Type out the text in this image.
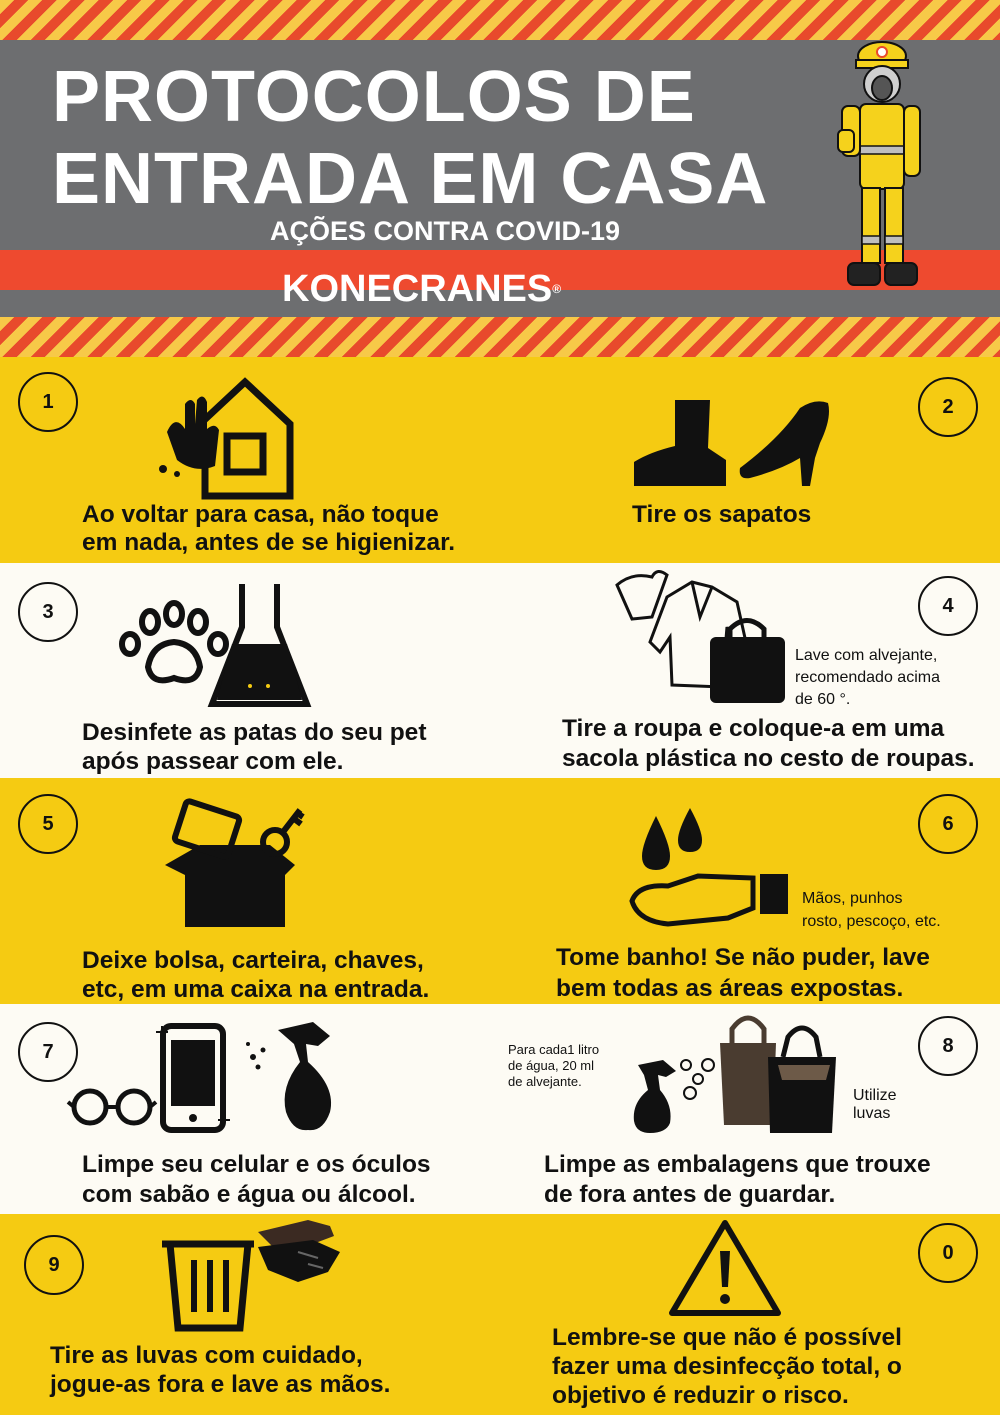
PROTOCOLOS DE
ENTRADA EM CASA
AÇÕES CONTRA COVID-19
KONECRANES®
1
Ao voltar para casa, não toque
em nada, antes de se higienizar.
2
Tire os sapatos
3
Desinfete as patas do seu pet
após passear com ele.
4
Lave com alvejante,
recomendado acima
de 60 °.
Tire a roupa e coloque-a em uma
sacola plástica no cesto de roupas.
5
Deixe bolsa, carteira, chaves,
etc, em uma caixa na entrada.
6
Mãos, punhos
rosto, pescoço, etc.
Tome banho! Se não puder, lave
bem todas as áreas expostas.
7
Limpe seu celular e os óculos
com sabão e água ou álcool.
8
Para cada1 litro
de água, 20 ml
de alvejante.
Utilize
luvas
Limpe as embalagens que trouxe
de fora antes de guardar.
9
Tire as luvas com cuidado,
jogue-as fora e lave as mãos.
0
Lembre-se que não é possível
fazer uma desinfecção total, o
objetivo é reduzir o risco.
